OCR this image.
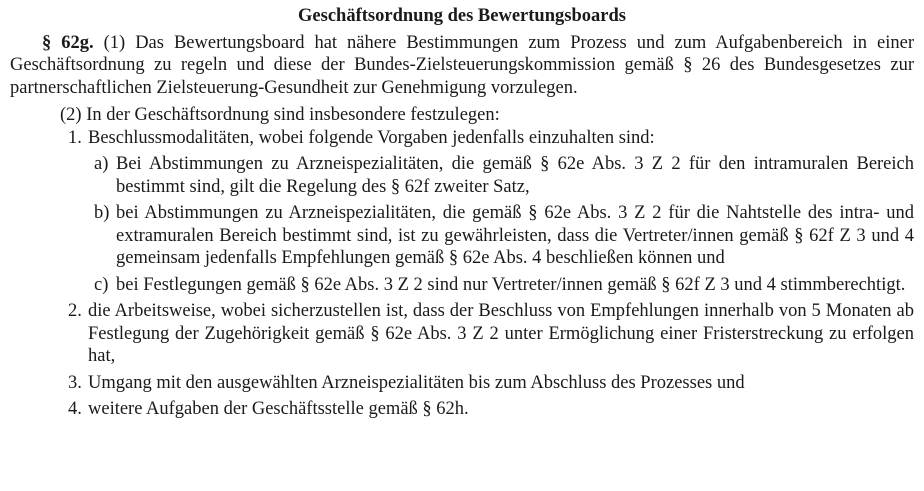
Geschäftsordnung des Bewertungsboards

§ 62g. (1) Das Bewertungsboard hat nähere Bestimmungen zum Prozess und zum Aufgabenbereich in einer Geschäftsordnung zu regeln und diese der Bundes-Zielsteuerungskommission gemäß § 26 des Bundesgesetzes zur partnerschaftlichen Zielsteuerung-Gesundheit zur Genehmigung vorzulegen.

(2) In der Geschäftsordnung sind insbesondere festzulegen:
1. Beschlussmodalitäten, wobei folgende Vorgaben jedenfalls einzuhalten sind:
a) Bei Abstimmungen zu Arzneispezialitäten, die gemäß § 62e Abs. 3 Z 2 für den intramuralen Bereich bestimmt sind, gilt die Regelung des § 62f zweiter Satz,
b) bei Abstimmungen zu Arzneispezialitäten, die gemäß § 62e Abs. 3 Z 2 für die Nahtstelle des intra- und extramuralen Bereich bestimmt sind, ist zu gewährleisten, dass die Vertreter/innen gemäß § 62f Z 3 und 4 gemeinsam jedenfalls Empfehlungen gemäß § 62e Abs. 4 beschließen können und
c) bei Festlegungen gemäß § 62e Abs. 3 Z 2 sind nur Vertreter/innen gemäß § 62f Z 3 und 4 stimmberechtigt.
2. die Arbeitsweise, wobei sicherzustellen ist, dass der Beschluss von Empfehlungen innerhalb von 5 Monaten ab Festlegung der Zugehörigkeit gemäß § 62e Abs. 3 Z 2 unter Ermöglichung einer Fristerstreckung zu erfolgen hat,
3. Umgang mit den ausgewählten Arzneispezialitäten bis zum Abschluss des Prozesses und
4. weitere Aufgaben der Geschäftsstelle gemäß § 62h.
